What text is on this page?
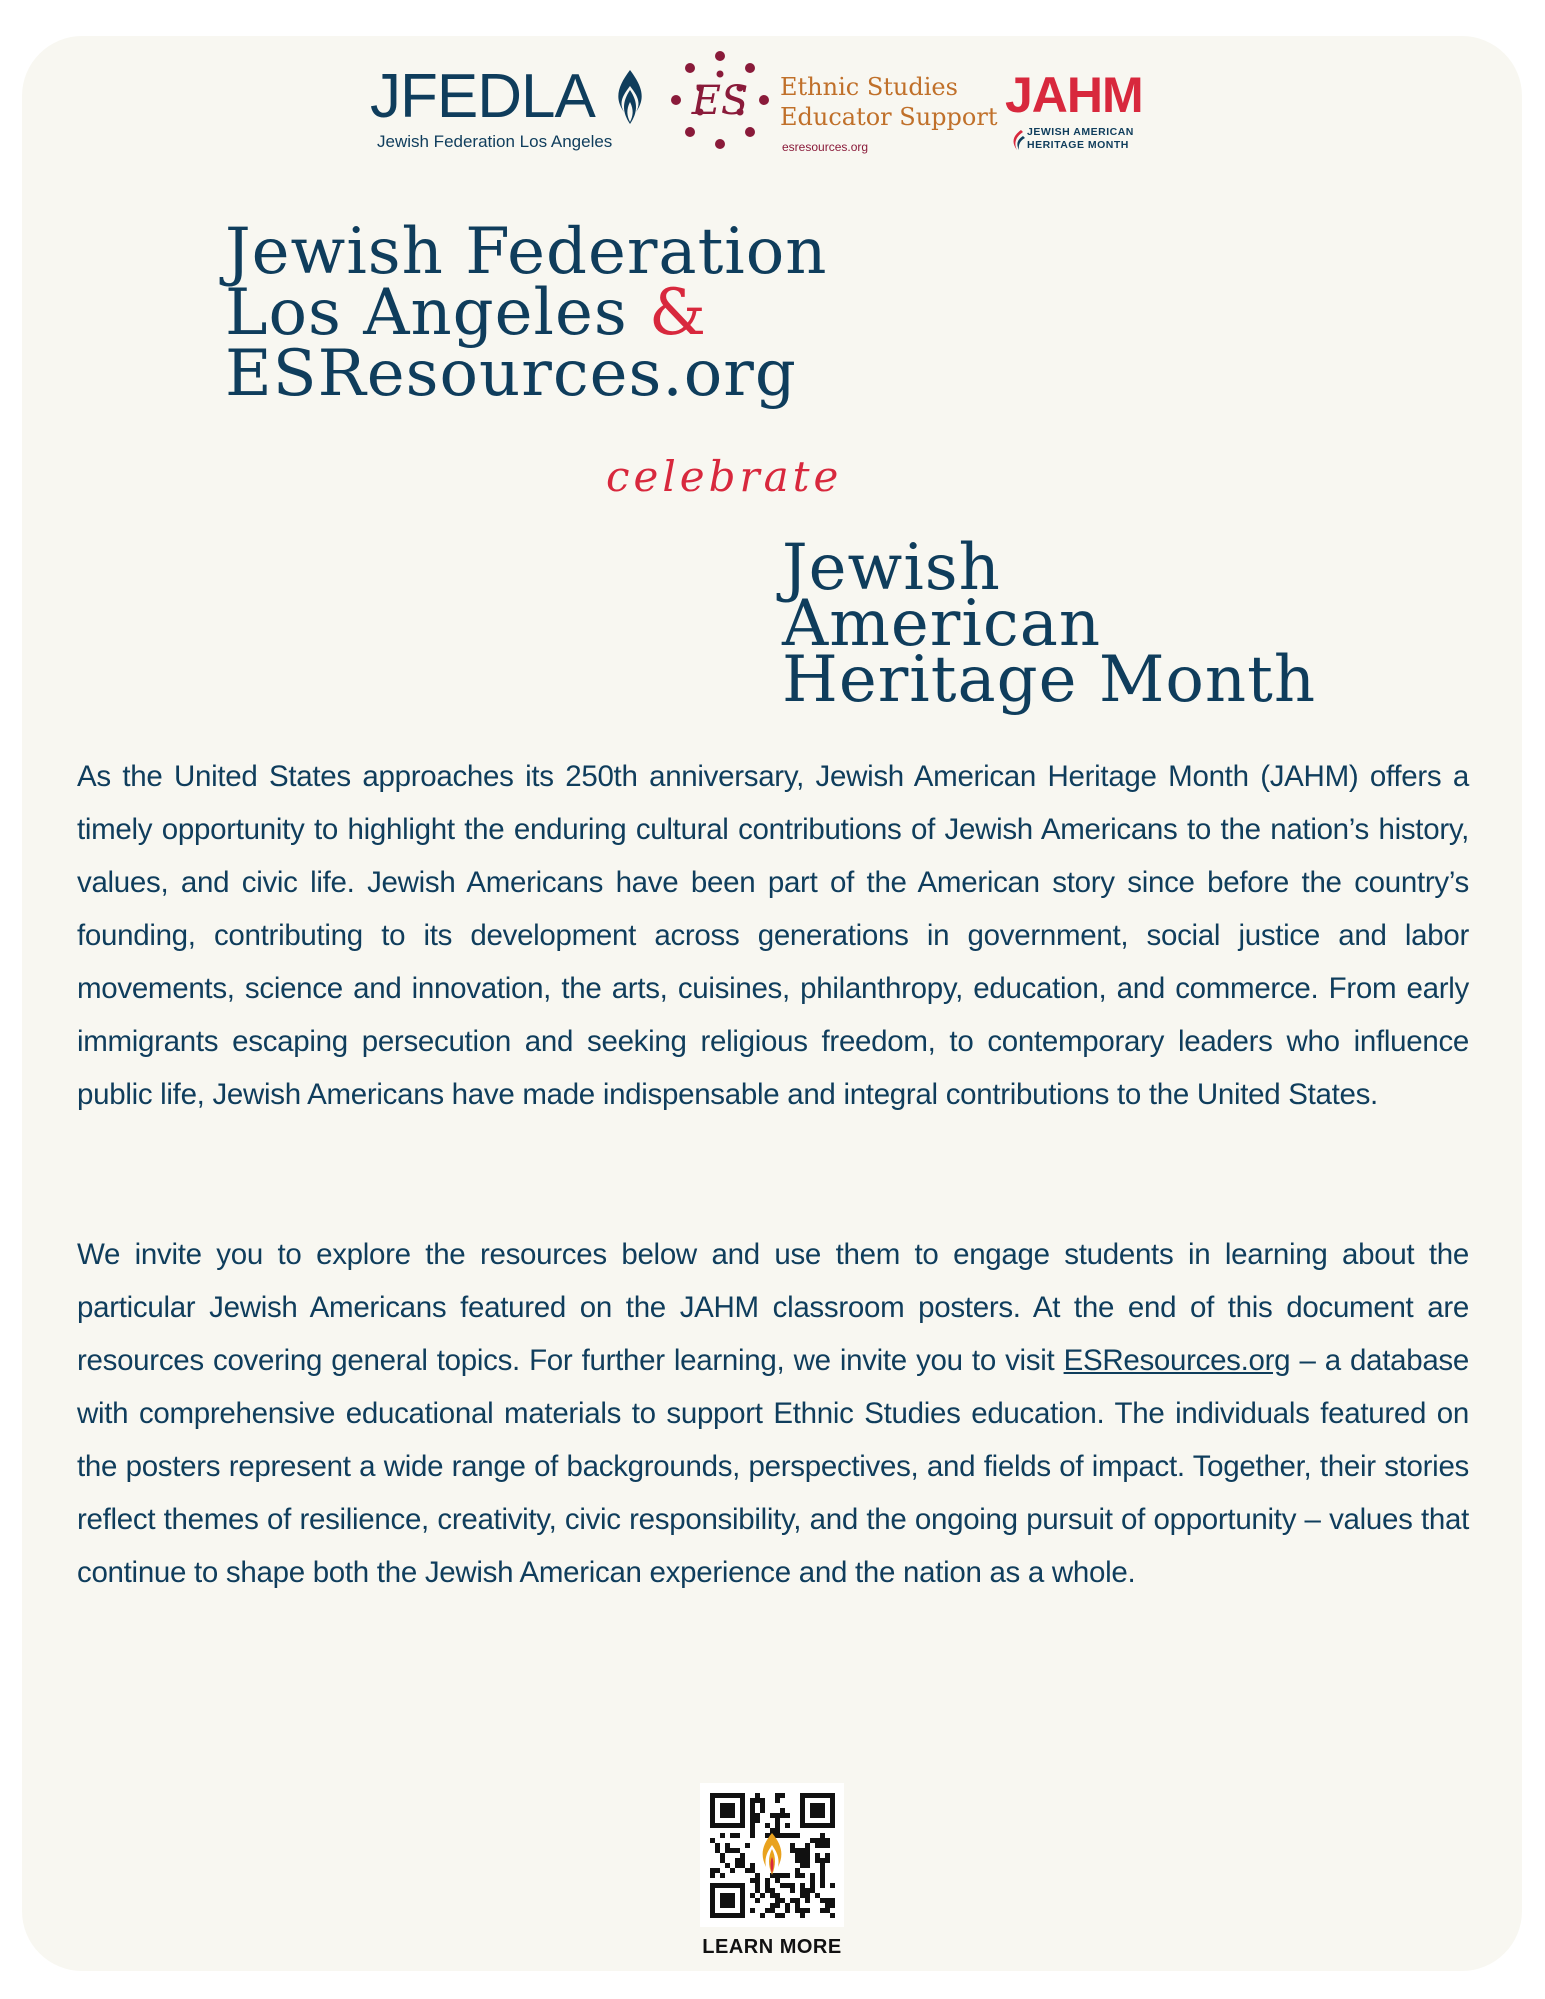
JFEDLA
Jewish Federation Los Angeles
ES Ethnic Studies
Educator Support
esresources.org
JAHM
JEWISH AMERICAN
HERITAGE MONTH
Jewish Federation
Los Angeles &
ESResources.org
celebrate
Jewish
American
Heritage Month

As the United States approaches its 250th anniversary, Jewish American Heritage Month (JAHM) offers a timely opportunity to highlight the enduring cultural contributions of Jewish Americans to the nation’s history, values, and civic life. Jewish Americans have been part of the American story since before the country’s founding, contributing to its development across generations in government, social justice and labor movements, science and innovation, the arts, cuisines, philanthropy, education, and commerce. From early immigrants escaping persecution and seeking religious freedom, to contemporary leaders who influence public life, Jewish Americans have made indispensable and integral contributions to the United States.

We invite you to explore the resources below and use them to engage students in learning about the particular Jewish Americans featured on the JAHM classroom posters. At the end of this document are resources covering general topics. For further learning, we invite you to visit ESResources.org – a database with comprehensive educational materials to support Ethnic Studies education. The individuals featured on the posters represent a wide range of backgrounds, perspectives, and fields of impact. Together, their stories reflect themes of resilience, creativity, civic responsibility, and the ongoing pursuit of opportunity – values that continue to shape both the Jewish American experience and the nation as a whole.

LEARN MORE
